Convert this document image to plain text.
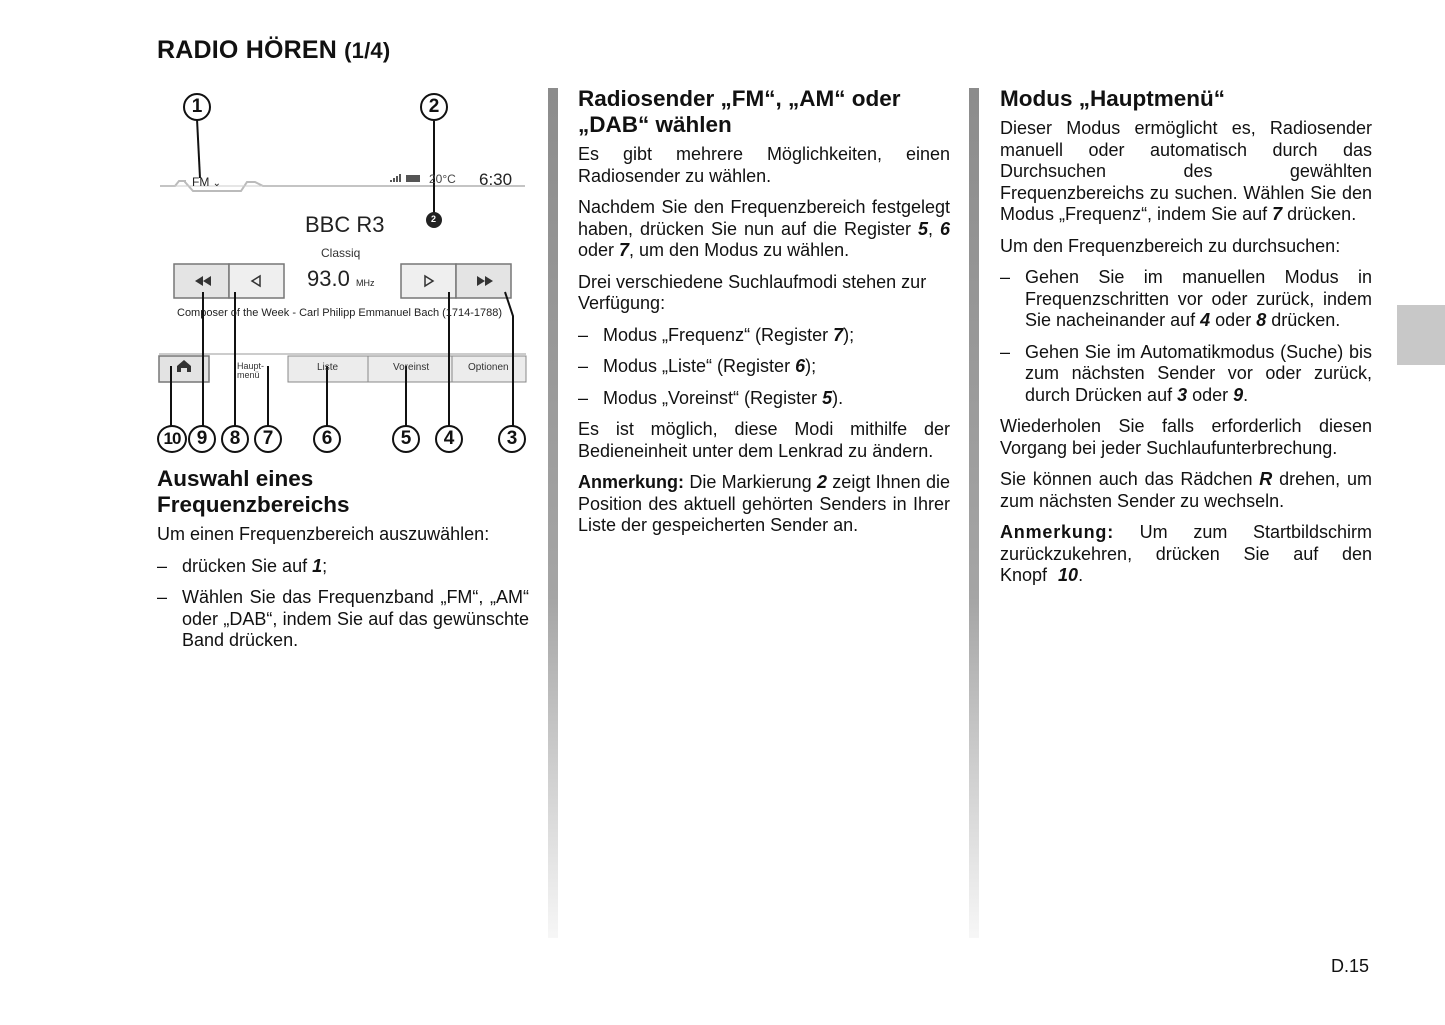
RADIO HÖREN (1/4)
FM ⌄	20°C 6:30
BBC R3
Classiq
93.0 MHz
Composer of the Week - Carl Philipp Emmanuel Bach (1714-1788)
Haupt-
menü
Liste	Voreinst	Optionen
1	2
10 9	8	7	6	5	4	3
2
Auswahl eines
Frequenzbereichs

Um einen Frequenzbereich auszuwählen:

– drücken Sie auf 1;
– Wählen Sie das Frequenzband „FM“, „AM“ oder „DAB“, indem Sie auf das gewünschte Band drücken.
Radiosender „FM“, „AM“ oder „DAB“ wählen

Es gibt mehrere Möglichkeiten, einen Radiosender zu wählen.

Nachdem Sie den Frequenzbereich festgelegt haben, drücken Sie nun auf die Register 5, 6 oder 7, um den Modus zu wählen.

Drei verschiedene Suchlaufmodi stehen zur Verfügung:

– Modus „Frequenz“ (Register 7);
– Modus „Liste“ (Register 6);
– Modus „Voreinst“ (Register 5).

Es ist möglich, diese Modi mithilfe der Bedieneinheit unter dem Lenkrad zu ändern.

Anmerkung: Die Markierung 2 zeigt Ihnen die Position des aktuell gehörten Senders in Ihrer Liste der gespeicherten Sender an.

Modus „Hauptmenü“

Dieser Modus ermöglicht es, Radiosender manuell oder automatisch durch das Durchsuchen des gewählten Frequenzbereichs zu suchen. Wählen Sie den Modus „Frequenz“, indem Sie auf 7 drücken.

Um den Frequenzbereich zu durchsuchen:

– Gehen Sie im manuellen Modus in Frequenzschritten vor oder zurück, indem Sie nacheinander auf 4 oder 8 drücken.
– Gehen Sie im Automatikmodus (Suche) bis zum nächsten Sender vor oder zurück, durch Drücken auf 3 oder 9.

Wiederholen Sie falls erforderlich diesen Vorgang bei jeder Suchlaufunterbrechung.

Sie können auch das Rädchen R drehen, um zum nächsten Sender zu wechseln.

Anmerkung: Um zum Startbildschirm zurückzukehren, drücken Sie auf den Knopf 10.

D.15
